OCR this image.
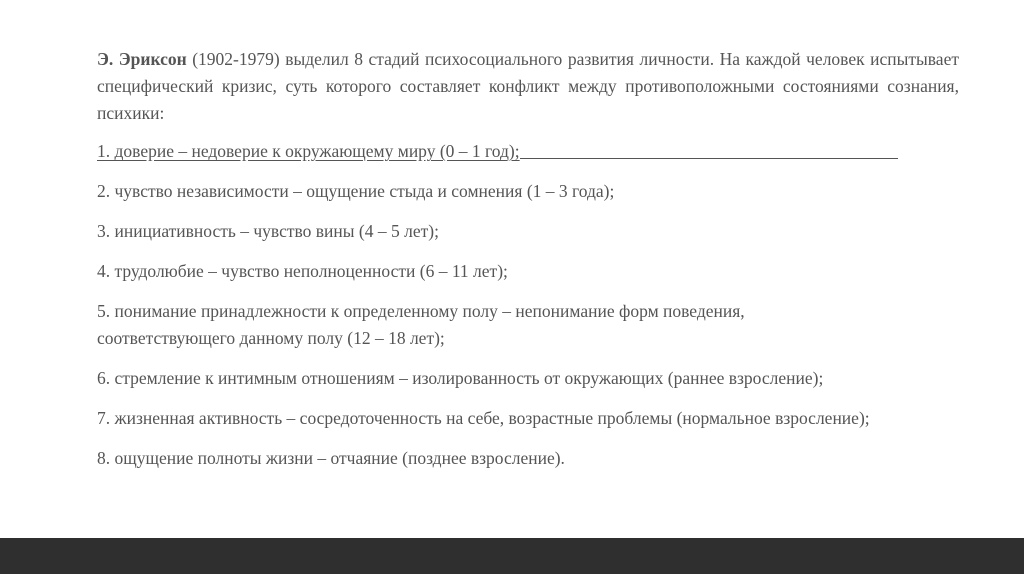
Э. Эриксон (1902-1979) выделил 8 стадий психосоциального развития личности. На каждой человек испытывает специфический кризис, суть которого составляет конфликт между противоположными состояниями сознания, психики:

1. доверие – недоверие к окружающему миру (0 – 1 год);
2. чувство независимости – ощущение стыда и сомнения (1 – 3 года);
3. инициативность – чувство вины (4 – 5 лет);
4. трудолюбие – чувство неполноценности (6 – 11 лет);
5. понимание принадлежности к определенному полу – непонимание форм поведения, соответствующего данному полу (12 – 18 лет);
6. стремление к интимным отношениям – изолированность от окружающих (раннее взросление);
7. жизненная активность – сосредоточенность на себе, возрастные проблемы (нормальное взросление);
8. ощущение полноты жизни – отчаяние (позднее взросление).
